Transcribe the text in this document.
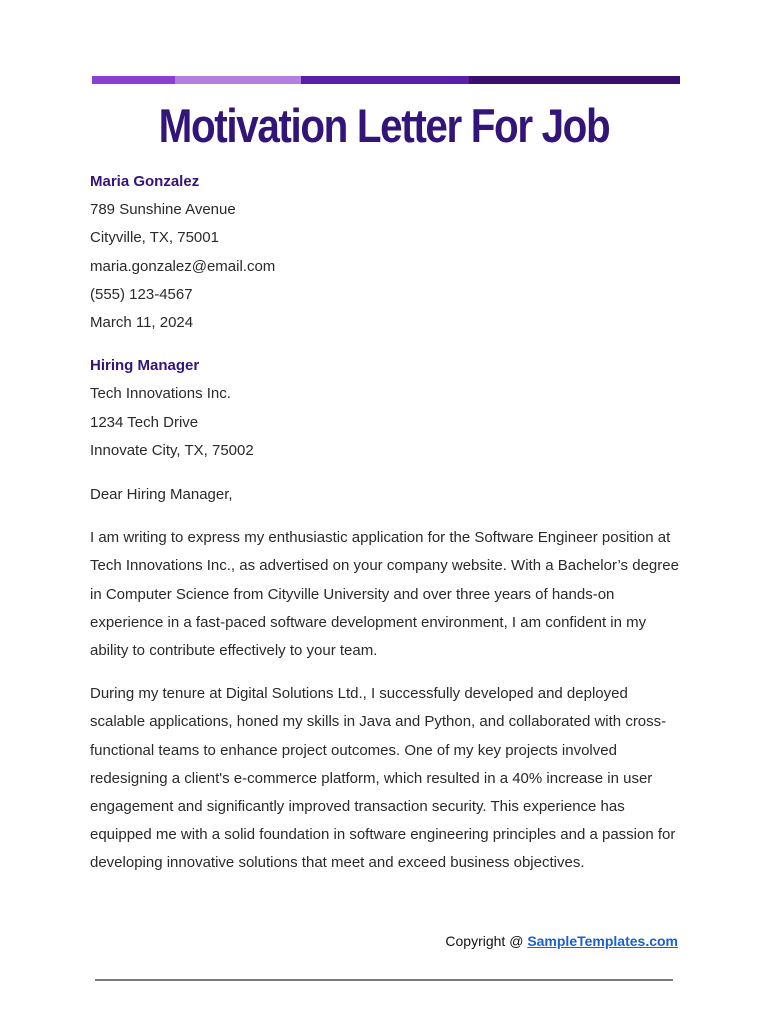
Motivation Letter For Job
Maria Gonzalez
789 Sunshine Avenue
Cityville, TX, 75001
maria.gonzalez@email.com
(555) 123-4567
March 11, 2024
Hiring Manager
Tech Innovations Inc.
1234 Tech Drive
Innovate City, TX, 75002

Dear Hiring Manager,

I am writing to express my enthusiastic application for the Software Engineer position at Tech Innovations Inc., as advertised on your company website. With a Bachelor’s degree in Computer Science from Cityville University and over three years of hands-on experience in a fast-paced software development environment, I am confident in my ability to contribute effectively to your team.

During my tenure at Digital Solutions Ltd., I successfully developed and deployed scalable applications, honed my skills in Java and Python, and collaborated with cross-functional teams to enhance project outcomes. One of my key projects involved redesigning a client's e-commerce platform, which resulted in a 40% increase in user engagement and significantly improved transaction security. This experience has equipped me with a solid foundation in software engineering principles and a passion for developing innovative solutions that meet and exceed business objectives.

Copyright @ SampleTemplates.com
